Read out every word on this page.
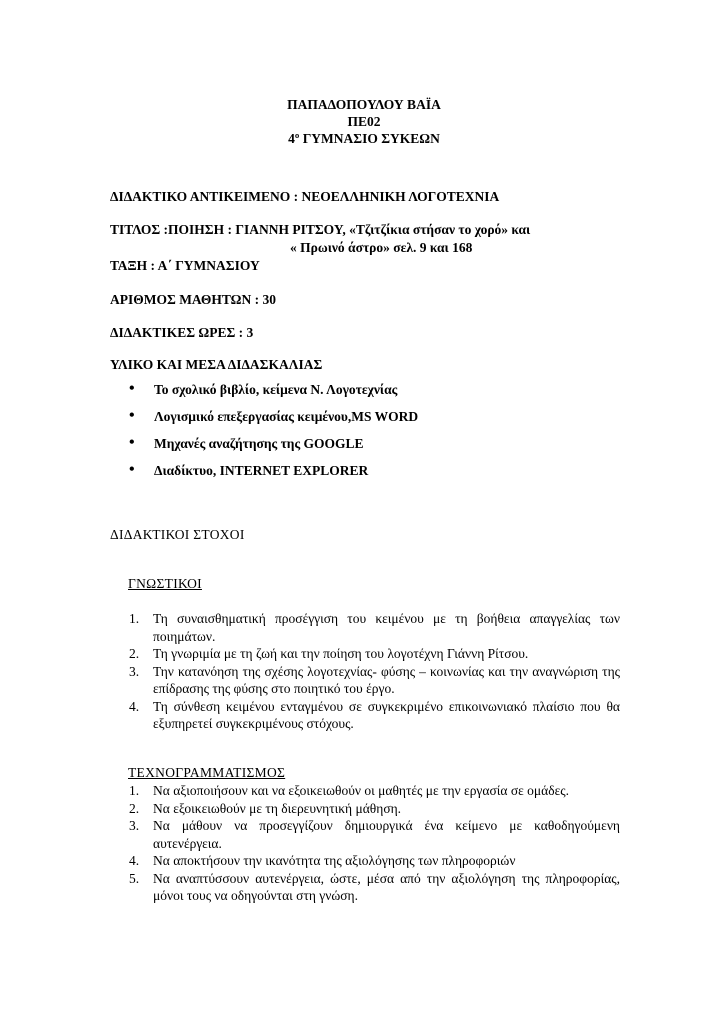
ΠΑΠΑΔΟΠΟΥΛΟΥ ΒΑΪΑ
ΠΕ02
4º ΓΥΜΝΑΣΙΟ ΣΥΚΕΩΝ
ΔΙΔΑΚΤΙΚΟ ΑΝΤΙΚΕΙΜΕΝΟ : ΝΕΟΕΛΛΗΝΙΚΗ ΛΟΓΟΤΕΧΝΙΑ
ΤΙΤΛΟΣ :ΠΟΙΗΣΗ : ΓΙΑΝΝΗ ΡΙΤΣΟΥ, «Τζιτζίκια στήσαν το χορό» και
« Πρωινό άστρο» σελ. 9 και 168
ΤΑΞΗ : Α΄ ΓΥΜΝΑΣΙΟΥ
ΑΡΙΘΜΟΣ ΜΑΘΗΤΩΝ : 30
ΔΙΔΑΚΤΙΚΕΣ ΩΡΕΣ : 3
ΥΛΙΚΟ ΚΑΙ ΜΕΣΑ ΔΙΔΑΣΚΑΛΙΑΣ
• Το σχολικό βιβλίο, κείμενα Ν. Λογοτεχνίας
• Λογισμικό επεξεργασίας κειμένου,MS WORD
• Μηχανές αναζήτησης της GOOGLE
• Διαδίκτυο, INTERNET EXPLORER
ΔΙΔΑΚΤΙΚΟΙ ΣΤΟΧΟΙ
ΓΝΩΣΤΙΚΟΙ
1. Τη συναισθηματική προσέγγιση του κειμένου με τη βοήθεια απαγγελίας των ποιημάτων.
2. Τη γνωριμία με τη ζωή και την ποίηση του λογοτέχνη Γιάννη Ρίτσου.
3. Την κατανόηση της σχέσης λογοτεχνίας- φύσης – κοινωνίας και την αναγνώριση της επίδρασης της φύσης στο ποιητικό του έργο.
4. Τη σύνθεση κειμένου ενταγμένου σε συγκεκριμένο επικοινωνιακό πλαίσιο που θα εξυπηρετεί συγκεκριμένους στόχους.
ΤΕΧΝΟΓΡΑΜΜΑΤΙΣΜΟΣ
1. Να αξιοποιήσουν και να εξοικειωθούν οι μαθητές με την εργασία σε ομάδες.
2. Να εξοικειωθούν με τη διερευνητική μάθηση.
3. Να μάθουν να προσεγγίζουν δημιουργικά ένα κείμενο με καθοδηγούμενη αυτενέργεια.
4. Να αποκτήσουν την ικανότητα της αξιολόγησης των πληροφοριών
5. Να αναπτύσσουν αυτενέργεια, ώστε, μέσα από την αξιολόγηση της πληροφορίας, μόνοι τους να οδηγούνται στη γνώση.
